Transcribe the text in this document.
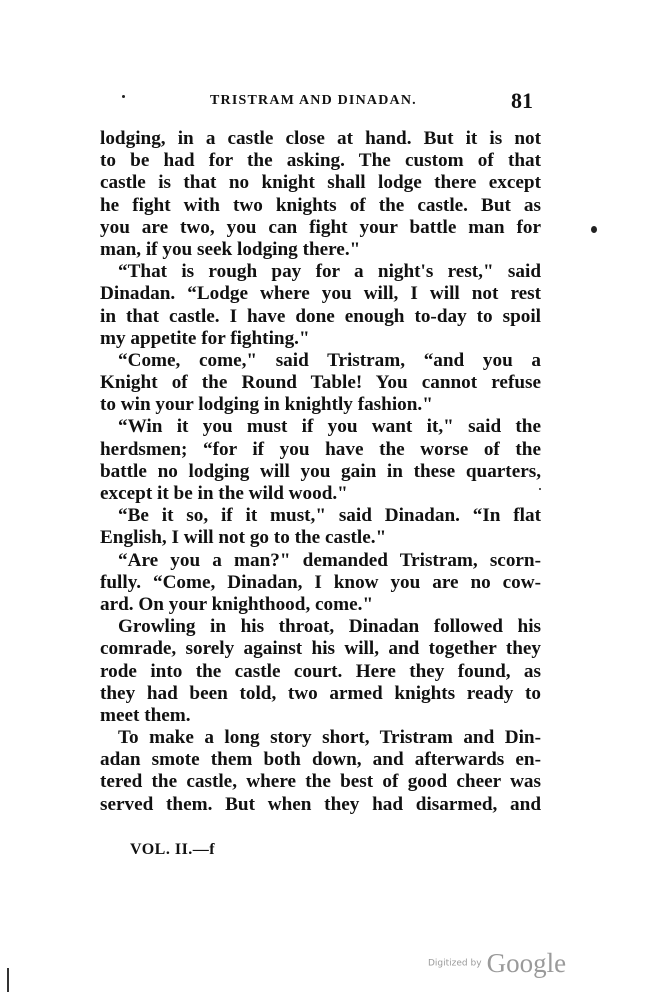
TRISTRAM AND DINADAN.	81
lodging, in a castle close at hand. But it is not
to be had for the asking. The custom of that
castle is that no knight shall lodge there except
he fight with two knights of the castle. But as
you are two, you can fight your battle man for
man, if you seek lodging there."
“That is rough pay for a night's rest," said
Dinadan. “Lodge where you will, I will not rest
in that castle. I have done enough to-day to spoil
my appetite for fighting."
“Come, come," said Tristram, “and you a
Knight of the Round Table! You cannot refuse
to win your lodging in knightly fashion."
“Win it you must if you want it," said the
herdsmen; “for if you have the worse of the
battle no lodging will you gain in these quarters,
except it be in the wild wood."
“Be it so, if it must," said Dinadan. “In flat
English, I will not go to the castle."
“Are you a man?" demanded Tristram, scorn-
fully. “Come, Dinadan, I know you are no cow-
ard. On your knighthood, come."
Growling in his throat, Dinadan followed his
comrade, sorely against his will, and together they
rode into the castle court. Here they found, as
they had been told, two armed knights ready to
meet them.
To make a long story short, Tristram and Din-
adan smote them both down, and afterwards en-
tered the castle, where the best of good cheer was
served them. But when they had disarmed, and
VOL. II.—f
Digitized by Google
